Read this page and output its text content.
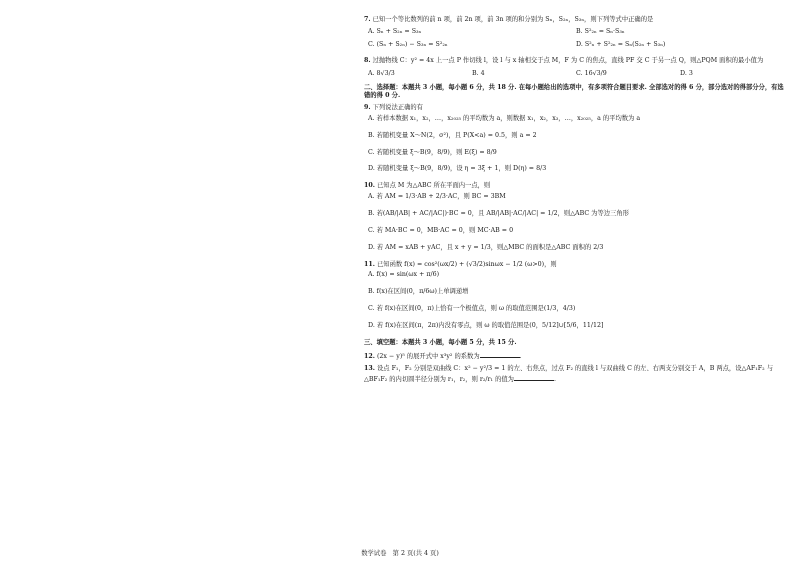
7. 已知一个等比数列的前 n 项，前 2n 项，前 3n 项的和分别为 Sₙ，S₂ₙ，S₃ₙ，则下列等式中正确的是
A. Sₙ + S₂ₙ = S₃ₙ	B. S²₂ₙ = Sₙ·S₃ₙ
C. (Sₙ + S₂ₙ) − S₃ₙ = S²₂ₙ	D. S²ₙ + S²₂ₙ = Sₙ(S₂ₙ + S₃ₙ)
8. 过抛物线 C：y² = 4x 上一点 P 作切线 l，设 l 与 x 轴相交于点 M，F 为 C 的焦点，直线 PF 交 C 于另一点 Q，则△PQM 面积的最小值为
A. 8√3/3	B. 4	C. 16√3/9	D. 3
二、选择题：本题共 3 小题，每小题 6 分，共 18 分. 在每小题给出的选项中，有多项符合题目要求. 全部选对的得 6 分，部分选对的得部分分，有选错的得 0 分.
9. 下列说法正确的有
A. 若样本数据 x₁，x₂，…，x₂₀₂₅ 的平均数为 a，则数据 x₁，x₂，x₃，…，x₂₀₂₅，a 的平均数为 a
B. 若随机变量 X～N(2，σ²)，且 P(X<a) = 0.5，则 a = 2
C. 若随机变量 ξ～B(9，8/9)，则 E(ξ) = 8/9
D. 若随机变量 ξ～B(9，8/9)，设 η = 3ξ + 1，则 D(η) = 8/3
10. 已知点 M 为△ABC 所在平面内一点，则
A. 若 AM = 1/3·AB + 2/3·AC，则 BC = 3BM
B. 若(AB/|AB| + AC/|AC|)·BC = 0，且 AB/|AB|·AC/|AC| = 1/2，则△ABC 为等边三角形
C. 若 MA·BC = 0，MB·AC = 0，则 MC·AB = 0
D. 若 AM = xAB + yAC，且 x + y = 1/3，则△MBC 的面积是△ABC 面积的 2/3
11. 已知函数 f(x) = cos²(ωx/2) + (√3/2)sinωx − 1/2 (ω>0)，则
A. f(x) = sin(ωx + π/6)
B. f(x)在区间(0，π/6ω)上单调递增
C. 若 f(x)在区间(0，π)上恰有一个极值点，则 ω 的取值范围是(1/3，4/3)
D. 若 f(x)在区间(π，2π)内没有零点，则 ω 的取值范围是(0，5/12]∪[5/6，11/12]
三、填空题：本题共 3 小题，每小题 5 分，共 15 分.
12. (2x − y)⁵ 的展开式中 x³y² 的系数为	.
13. 设点 F₁，F₂ 分别是双曲线 C：x² − y²/3 = 1 的左、右焦点，过点 F₂ 的直线 l 与双曲线 C 的左、右两支分别交于 A，B 两点，设△AF₁F₂ 与△BF₁F₂ 的内切圆半径分别为 r₁，r₂，则 r₂/r₁ 的值为	.
数学试卷　第 2 页(共 4 页)
